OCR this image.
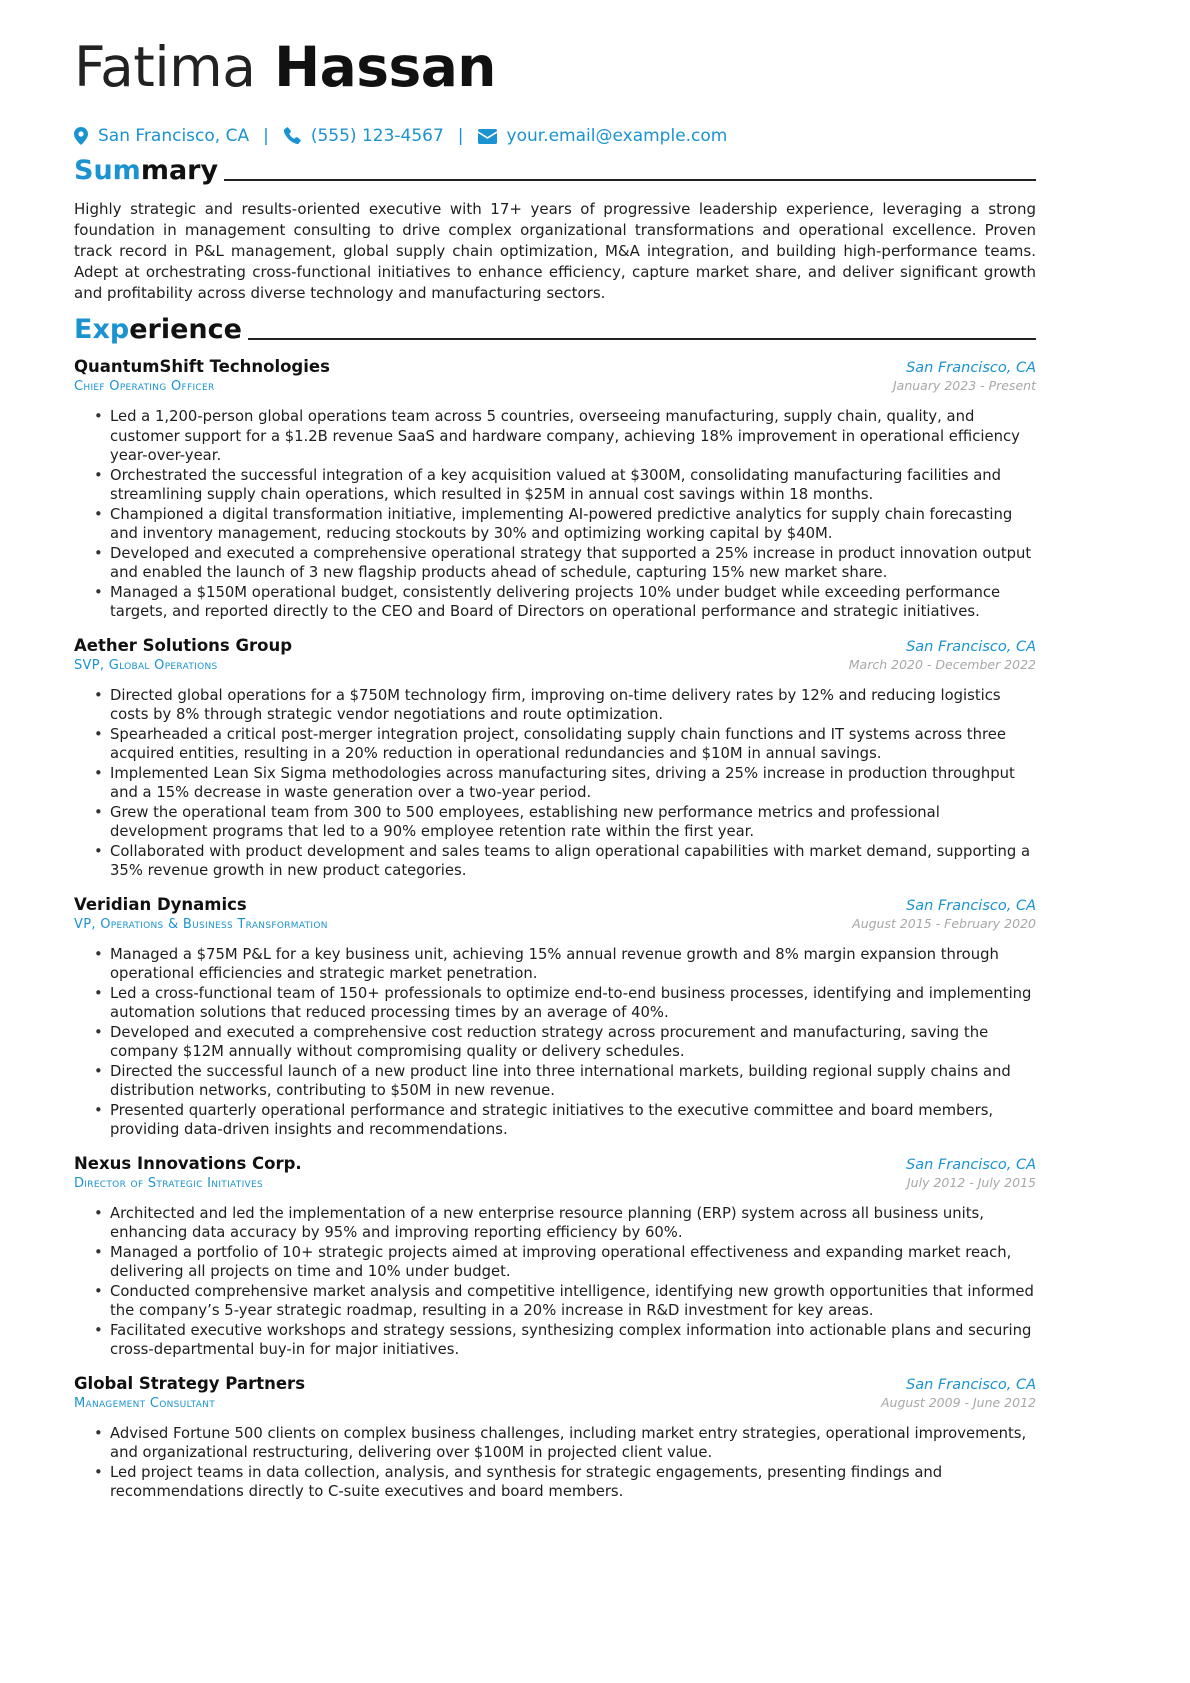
Fatima Hassan
San Francisco, CA | (555) 123-4567 |	your.email@example.com
Summary

Highly strategic and results-oriented executive with 17+ years of progressive leadership experience, leveraging a strong foundation in management consulting to drive complex organizational transformations and operational excellence. Proven track record in P&L management, global supply chain optimization, M&A integration, and building high-performance teams. Adept at orchestrating cross-functional initiatives to enhance efficiency, capture market share, and deliver significant growth and profitability across diverse technology and manufacturing sectors.

Experience
QuantumShift Technologies	San Francisco, CA
Chief Operating Officer	January 2023 - Present
• Led a 1,200-person global operations team across 5 countries, overseeing manufacturing, supply chain, quality, and customer support for a $1.2B revenue SaaS and hardware company, achieving 18% improvement in operational efficiency year-over-year.
• Orchestrated the successful integration of a key acquisition valued at $300M, consolidating manufacturing facilities and streamlining supply chain operations, which resulted in $25M in annual cost savings within 18 months.
• Championed a digital transformation initiative, implementing AI-powered predictive analytics for supply chain forecasting and inventory management, reducing stockouts by 30% and optimizing working capital by $40M.
• Developed and executed a comprehensive operational strategy that supported a 25% increase in product innovation output and enabled the launch of 3 new flagship products ahead of schedule, capturing 15% new market share.
• Managed a $150M operational budget, consistently delivering projects 10% under budget while exceeding performance targets, and reported directly to the CEO and Board of Directors on operational performance and strategic initiatives.
Aether Solutions Group	San Francisco, CA
SVP, Global Operations	March 2020 - December 2022
• Directed global operations for a $750M technology firm, improving on-time delivery rates by 12% and reducing logistics costs by 8% through strategic vendor negotiations and route optimization.
• Spearheaded a critical post-merger integration project, consolidating supply chain functions and IT systems across three acquired entities, resulting in a 20% reduction in operational redundancies and $10M in annual savings.
• Implemented Lean Six Sigma methodologies across manufacturing sites, driving a 25% increase in production throughput and a 15% decrease in waste generation over a two-year period.
• Grew the operational team from 300 to 500 employees, establishing new performance metrics and professional development programs that led to a 90% employee retention rate within the first year.
• Collaborated with product development and sales teams to align operational capabilities with market demand, supporting a 35% revenue growth in new product categories.
Veridian Dynamics	San Francisco, CA
VP, Operations & Business Transformation	August 2015 - February 2020
• Managed a $75M P&L for a key business unit, achieving 15% annual revenue growth and 8% margin expansion through operational efficiencies and strategic market penetration.
• Led a cross-functional team of 150+ professionals to optimize end-to-end business processes, identifying and implementing automation solutions that reduced processing times by an average of 40%.
• Developed and executed a comprehensive cost reduction strategy across procurement and manufacturing, saving the company $12M annually without compromising quality or delivery schedules.
• Directed the successful launch of a new product line into three international markets, building regional supply chains and distribution networks, contributing to $50M in new revenue.
• Presented quarterly operational performance and strategic initiatives to the executive committee and board members, providing data-driven insights and recommendations.
Nexus Innovations Corp.	San Francisco, CA
Director of Strategic Initiatives	July 2012 - July 2015
• Architected and led the implementation of a new enterprise resource planning (ERP) system across all business units, enhancing data accuracy by 95% and improving reporting efficiency by 60%.
• Managed a portfolio of 10+ strategic projects aimed at improving operational effectiveness and expanding market reach, delivering all projects on time and 10% under budget.
• Conducted comprehensive market analysis and competitive intelligence, identifying new growth opportunities that informed the company’s 5-year strategic roadmap, resulting in a 20% increase in R&D investment for key areas.
• Facilitated executive workshops and strategy sessions, synthesizing complex information into actionable plans and securing cross-departmental buy-in for major initiatives.
Global Strategy Partners	San Francisco, CA
Management Consultant	August 2009 - June 2012
• Advised Fortune 500 clients on complex business challenges, including market entry strategies, operational improvements, and organizational restructuring, delivering over $100M in projected client value.
• Led project teams in data collection, analysis, and synthesis for strategic engagements, presenting findings and recommendations directly to C-suite executives and board members.
